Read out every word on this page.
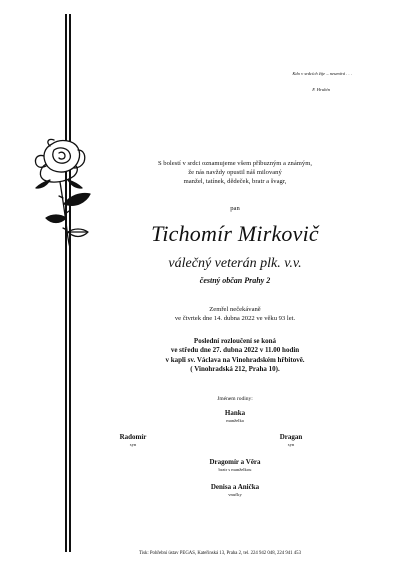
Kdo v srdcích žije – neumírá . . .
F. Hrubín
S bolestí v srdci oznamujeme všem příbuzným a známým,
že nás navždy opustil náš milovaný
manžel, tatínek, dědeček, bratr a švagr,
pan
Tichomír Mirkovič
válečný veterán plk. v.v.
čestný občan Prahy 2
Zemřel nečekávaně
ve čtvrtek dne 14. dubna 2022 ve věku 93 let.
Poslední rozloučení se koná
ve středu dne 27. dubna 2022 v 11.00 hodin
v kapli sv. Václava na Vinohradském hřbitově.
( Vinohradská 212, Praha 10).
Jménem rodiny:
Hanka
manželka
Radomír
syn
Dragan
syn
Dragomír a Věra
bratr s manželkou
Denisa a Anička
vnučky
Tisk: Pohřební ústav PEGAS, Kateřinská 13, Praha 2, tel. 224 942 048, 224 941 453
